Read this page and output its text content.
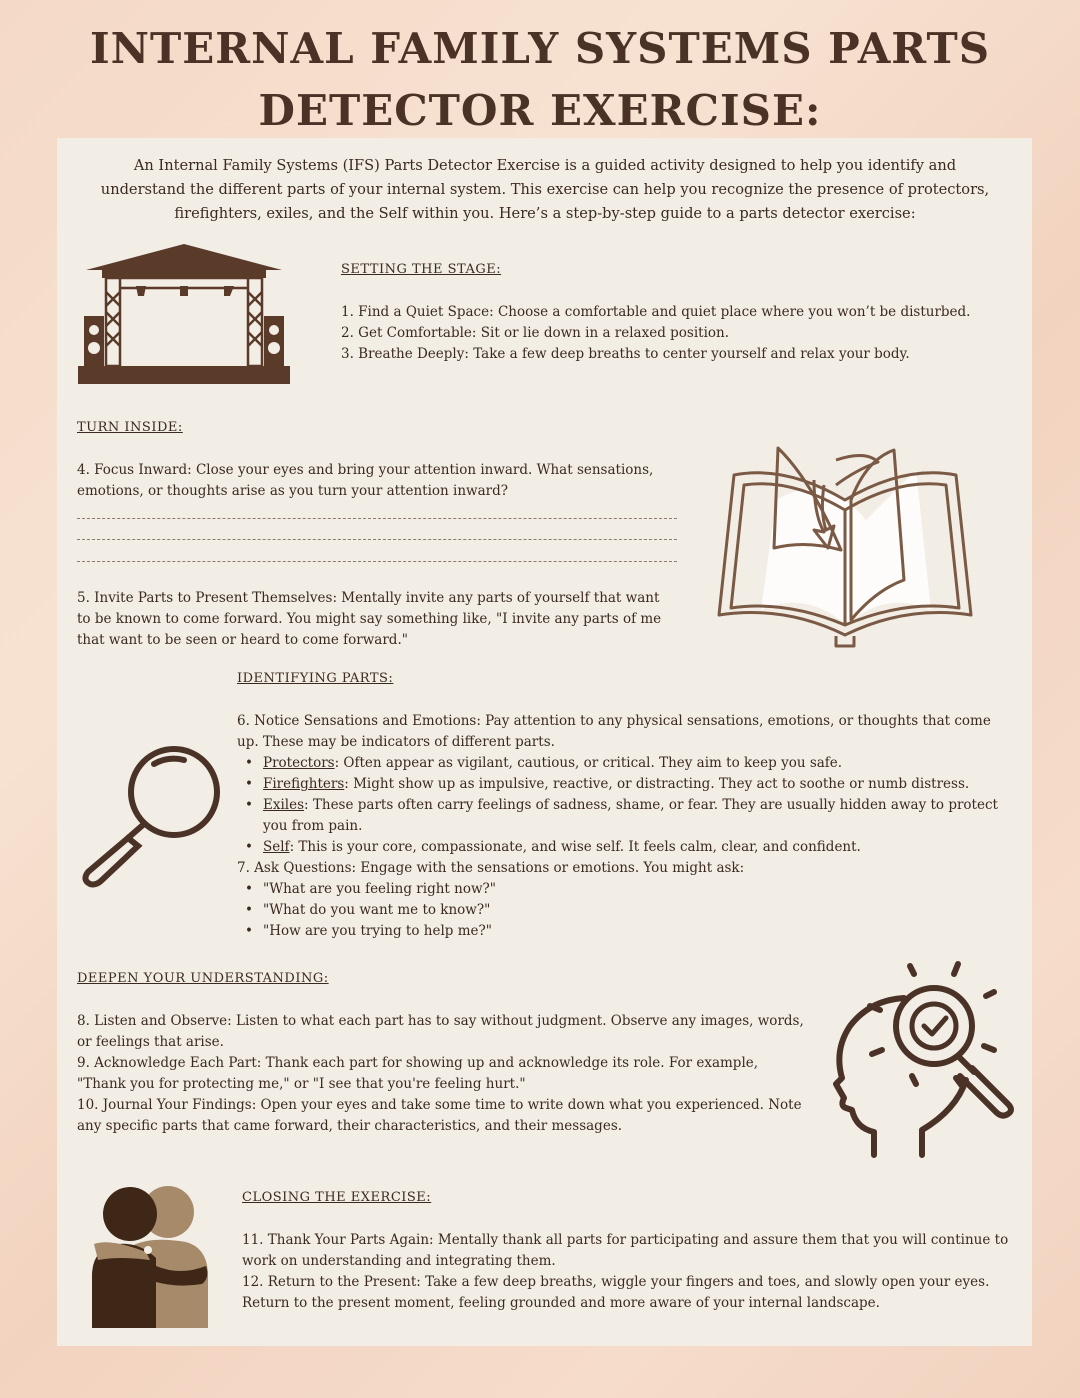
INTERNAL FAMILY SYSTEMS PARTS
DETECTOR EXERCISE:
An Internal Family Systems (IFS) Parts Detector Exercise is a guided activity designed to help you identify and understand the different parts of your internal system. This exercise can help you recognize the presence of protectors, firefighters, exiles, and the Self within you. Here’s a step-by-step guide to a parts detector exercise:
SETTING THE STAGE:

1. Find a Quiet Space: Choose a comfortable and quiet place where you won’t be disturbed.

2. Get Comfortable: Sit or lie down in a relaxed position.

3. Breathe Deeply: Take a few deep breaths to center yourself and relax your body.

TURN INSIDE:
4. Focus Inward: Close your eyes and bring your attention inward. What sensations, emotions, or thoughts arise as you turn your attention inward?
5. Invite Parts to Present Themselves: Mentally invite any parts of yourself that want to be known to come forward. You might say something like, "I invite any parts of me that want to be seen or heard to come forward."
IDENTIFYING PARTS:

6. Notice Sensations and Emotions: Pay attention to any physical sensations, emotions, or thoughts that come up. These may be indicators of different parts.

• Protectors: Often appear as vigilant, cautious, or critical. They aim to keep you safe.
• Firefighters: Might show up as impulsive, reactive, or distracting. They act to soothe or numb distress.
• Exiles: These parts often carry feelings of sadness, shame, or fear. They are usually hidden away to protect you from pain.
• Self: This is your core, compassionate, and wise self. It feels calm, clear, and confident.

7. Ask Questions: Engage with the sensations or emotions. You might ask:

• "What are you feeling right now?"
• "What do you want me to know?"
• "How are you trying to help me?"
DEEPEN YOUR UNDERSTANDING:

8. Listen and Observe: Listen to what each part has to say without judgment. Observe any images, words, or feelings that arise.

9. Acknowledge Each Part: Thank each part for showing up and acknowledge its role. For example, "Thank you for protecting me," or "I see that you're feeling hurt."

10. Journal Your Findings: Open your eyes and take some time to write down what you experienced. Note any specific parts that came forward, their characteristics, and their messages.

CLOSING THE EXERCISE:

11. Thank Your Parts Again: Mentally thank all parts for participating and assure them that you will continue to work on understanding and integrating them.

12. Return to the Present: Take a few deep breaths, wiggle your fingers and toes, and slowly open your eyes. Return to the present moment, feeling grounded and more aware of your internal landscape.
